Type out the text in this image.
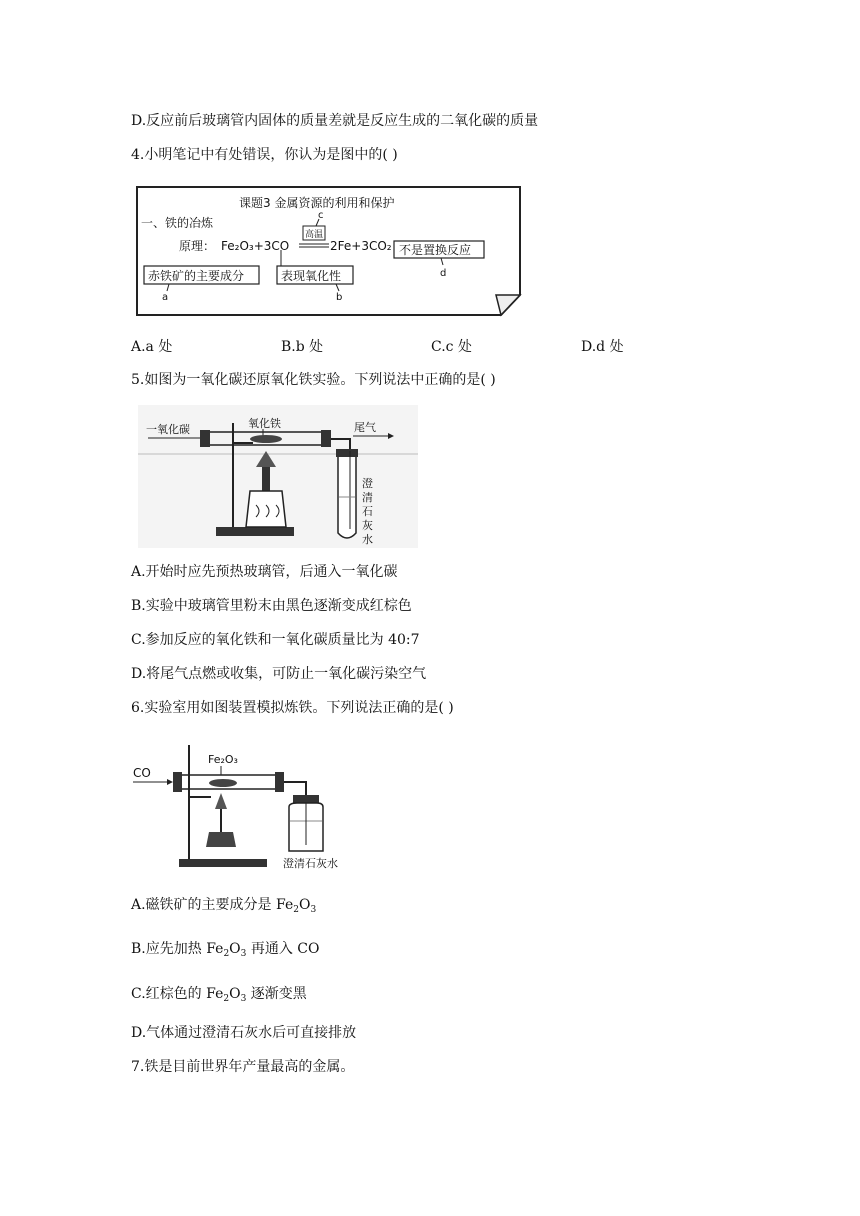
D.反应前后玻璃管内固体的质量差就是反应生成的二氧化碳的质量
4.小明笔记中有处错误，你认为是图中的( )
课题3 金属资源的利用和保护
一、铁的冶炼
原理： Fe₂O₃+3CO
高温
c
2Fe+3CO₂ 不是置换反应
d
赤铁矿的主要成分
a
表现氧化性
b
A.a 处	B.b 处	C.c 处	D.d 处
5.如图为一氧化碳还原氧化铁实验。下列说法中正确的是( )
一氧化碳	氧化铁	尾气
澄
清
石
灰
水
A.开始时应先预热玻璃管，后通入一氧化碳
B.实验中玻璃管里粉末由黑色逐渐变成红棕色
C.参加反应的氧化铁和一氧化碳质量比为 40:7
D.将尾气点燃或收集，可防止一氧化碳污染空气
6.实验室用如图装置模拟炼铁。下列说法正确的是( )
CO
Fe₂O₃
澄清石灰水
A.磁铁矿的主要成分是 $Fe_2O_3$
B.应先加热 $Fe_2O_3$ 再通入 CO
C.红棕色的 $Fe_2O_3$ 逐渐变黑
D.气体通过澄清石灰水后可直接排放
7.铁是目前世界年产量最高的金属。
